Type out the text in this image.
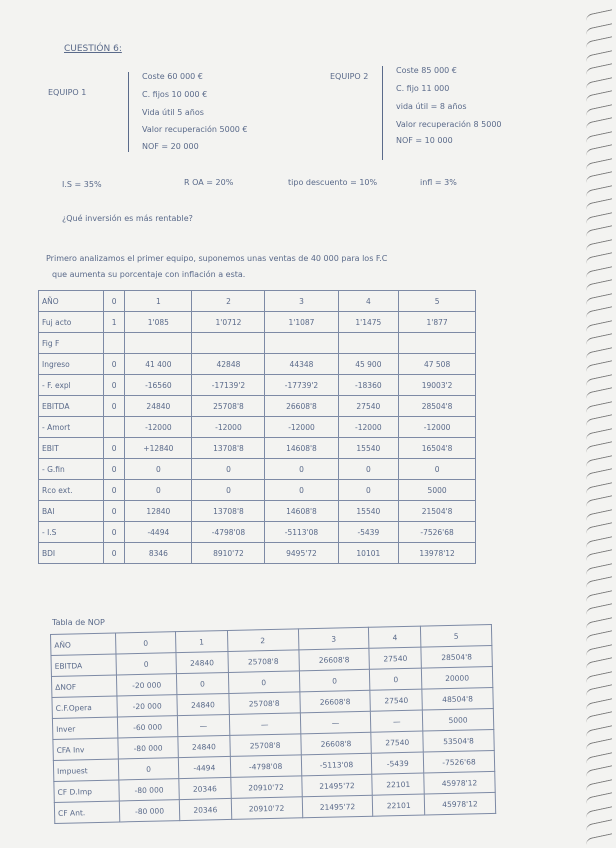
CUESTIÓN 6:
EQUIPO 1
Coste 60 000 €
C. fijos 10 000 €
Vida útil 5 años
Valor recuperación 5000 €
NOF = 20 000
EQUIPO 2
Coste 85 000 €
C. fijo 11 000
vida útil = 8 años
Valor recuperación 8 5000
NOF = 10 000
I.S = 35%	R OA = 20%	tipo descuento = 10%	infl = 3%
¿Qué inversión es más rentable?
Primero analizamos el primer equipo, suponemos unas ventas de 40 000 para los F.C
que aumenta su porcentaje con inflación a esta.
AÑO	0	1	2	3	4	5
Fuj acto	1	1'085	1'0712	1'1087	1'1475	1'877
Fig F						
Ingreso	0	41 400	42848	44348	45 900	47 508
- F. expl	0	-16560	-17139'2	-17739'2	-18360	19003'2
EBITDA	0	24840	25708'8	26608'8	27540	28504'8
- Amort		-12000	-12000	-12000	-12000	-12000
EBIT	0	+12840	13708'8	14608'8	15540	16504'8
- G.fin	0	0	0	0	0	0
Rco ext.	0	0	0	0	0	5000
BAI	0	12840	13708'8	14608'8	15540	21504'8
- I.S	0	-4494	-4798'08	-5113'08	-5439	-7526'68
BDI	0	8346	8910'72	9495'72	10101	13978'12
Tabla de NOP
AÑO	0	1	2	3	4	5
EBITDA	0	24840	25708'8	26608'8	27540	28504'8
ΔNOF	-20 000	0	0	0	0	20000
C.F.Opera	-20 000	24840	25708'8	26608'8	27540	48504'8
Inver	-60 000	—	—	—	—	5000
CFA Inv	-80 000	24840	25708'8	26608'8	27540	53504'8
Impuest	0	-4494	-4798'08	-5113'08	-5439	-7526'68
CF D.Imp	-80 000	20346	20910'72	21495'72	22101	45978'12
CF Ant.	-80 000	20346	20910'72	21495'72	22101	45978'12
